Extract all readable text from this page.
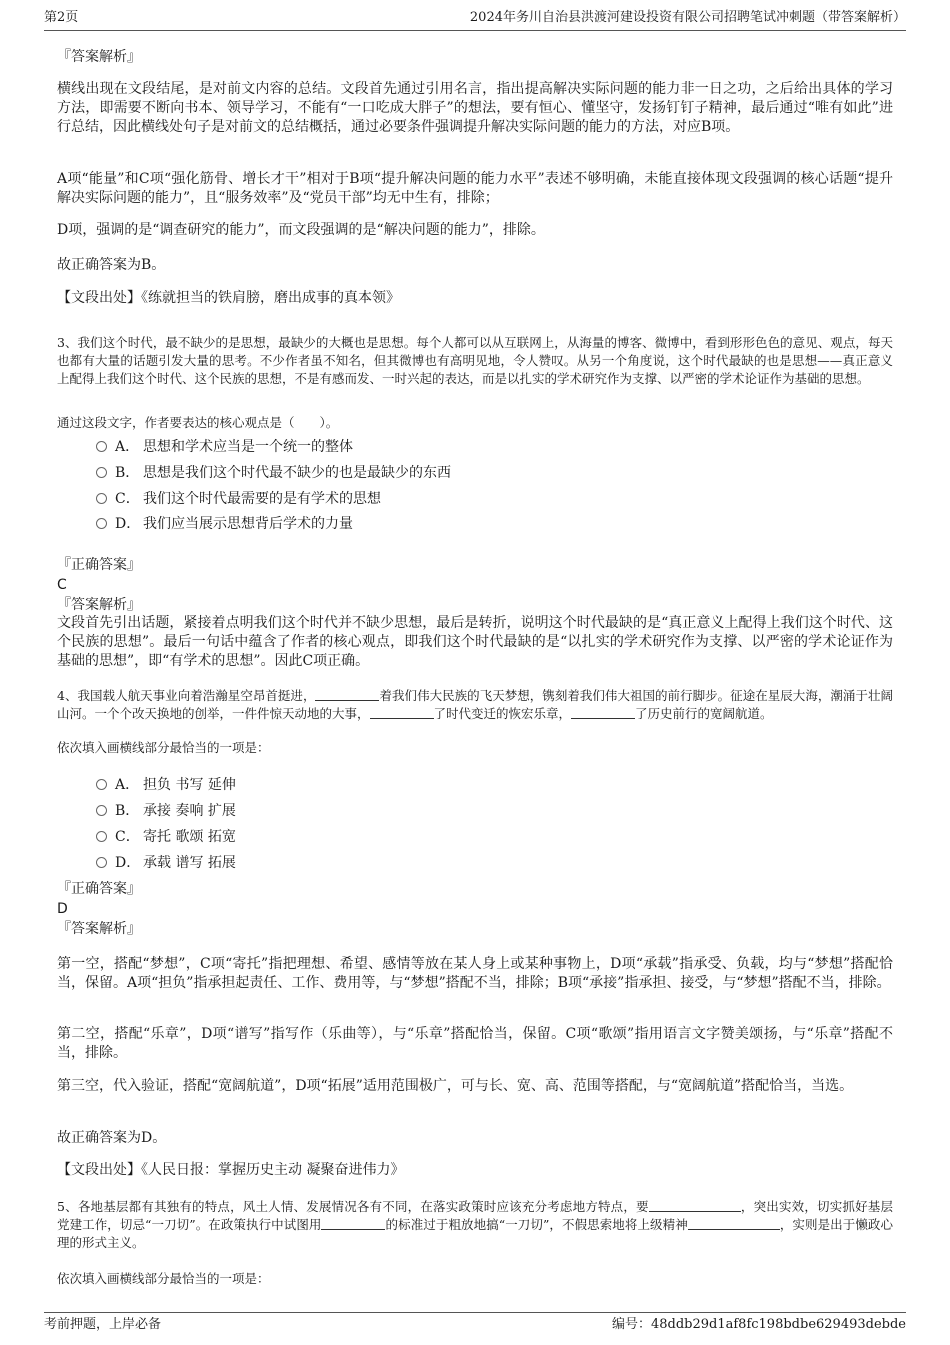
第2页	2024年务川自治县洪渡河建设投资有限公司招聘笔试冲刺题（带答案解析）
『答案解析』
横线出现在文段结尾，是对前文内容的总结。文段首先通过引用名言，指出提高解决实际问题的能力非一日之功，之后给出具体的学习方法，即需要不断向书本、领导学习，不能有“一口吃成大胖子”的想法，要有恒心、懂坚守，发扬钉钉子精神，最后通过“唯有如此”进行总结，因此横线处句子是对前文的总结概括，通过必要条件强调提升解决实际问题的能力的方法，对应B项。
A项“能量”和C项“强化筋骨、增长才干”相对于B项“提升解决问题的能力水平”表述不够明确，未能直接体现文段强调的核心话题“提升解决实际问题的能力”，且“服务效率”及“党员干部”均无中生有，排除；
D项，强调的是“调查研究的能力”，而文段强调的是“解决问题的能力”，排除。
故正确答案为B。
【文段出处】《练就担当的铁肩膀，磨出成事的真本领》
3、我们这个时代，最不缺少的是思想，最缺少的大概也是思想。每个人都可以从互联网上，从海量的博客、微博中，看到形形色色的意见、观点，每天也都有大量的话题引发大量的思考。不少作者虽不知名，但其微博也有高明见地，令人赞叹。从另一个角度说，这个时代最缺的也是思想——真正意义上配得上我们这个时代、这个民族的思想，不是有感而发、一时兴起的表达，而是以扎实的学术研究作为支撑、以严密的学术论证作为基础的思想。
通过这段文字，作者要表达的核心观点是（　　）。
A． 思想和学术应当是一个统一的整体
B． 思想是我们这个时代最不缺少的也是最缺少的东西
C． 我们这个时代最需要的是有学术的思想
D． 我们应当展示思想背后学术的力量
『正确答案』
C
『答案解析』
文段首先引出话题，紧接着点明我们这个时代并不缺少思想，最后是转折，说明这个时代最缺的是“真正意义上配得上我们这个时代、这个民族的思想”。最后一句话中蕴含了作者的核心观点，即我们这个时代最缺的是“以扎实的学术研究作为支撑、以严密的学术论证作为基础的思想”，即“有学术的思想”。因此C项正确。
4、我国载人航天事业向着浩瀚星空昂首挺进，	着我们伟大民族的飞天梦想，镌刻着我们伟大祖国的前行脚步。征途在星辰大海，潮涌于壮阔山河。一个个改天换地的创举，一件件惊天动地的大事，	了时代变迁的恢宏乐章，	了历史前行的宽阔航道。
依次填入画横线部分最恰当的一项是：
A． 担负 书写 延伸
B． 承接 奏响 扩展
C． 寄托 歌颂 拓宽
D． 承载 谱写 拓展
『正确答案』
D
『答案解析』
第一空，搭配“梦想”，C项“寄托”指把理想、希望、感情等放在某人身上或某种事物上，D项“承载”指承受、负载，均与“梦想”搭配恰当，保留。A项“担负”指承担起责任、工作、费用等，与“梦想”搭配不当，排除；B项“承接”指承担、接受，与“梦想”搭配不当，排除。
第二空，搭配“乐章”，D项“谱写”指写作（乐曲等），与“乐章”搭配恰当，保留。C项“歌颂”指用语言文字赞美颂扬，与“乐章”搭配不当，排除。
第三空，代入验证，搭配“宽阔航道”，D项“拓展”适用范围极广，可与长、宽、高、范围等搭配，与“宽阔航道”搭配恰当，当选。
故正确答案为D。
【文段出处】《人民日报：掌握历史主动 凝聚奋进伟力》
5、各地基层都有其独有的特点，风土人情、发展情况各有不同，在落实政策时应该充分考虑地方特点，要	，突出实效，切实抓好基层党建工作，切忌“一刀切”。在政策执行中试图用	的标准过于粗放地搞“一刀切”，不假思索地将上级精神	，实则是出于懒政心理的形式主义。
依次填入画横线部分最恰当的一项是：
考前押题，上岸必备	编号：48ddb29d1af8fc198bdbe629493debde
